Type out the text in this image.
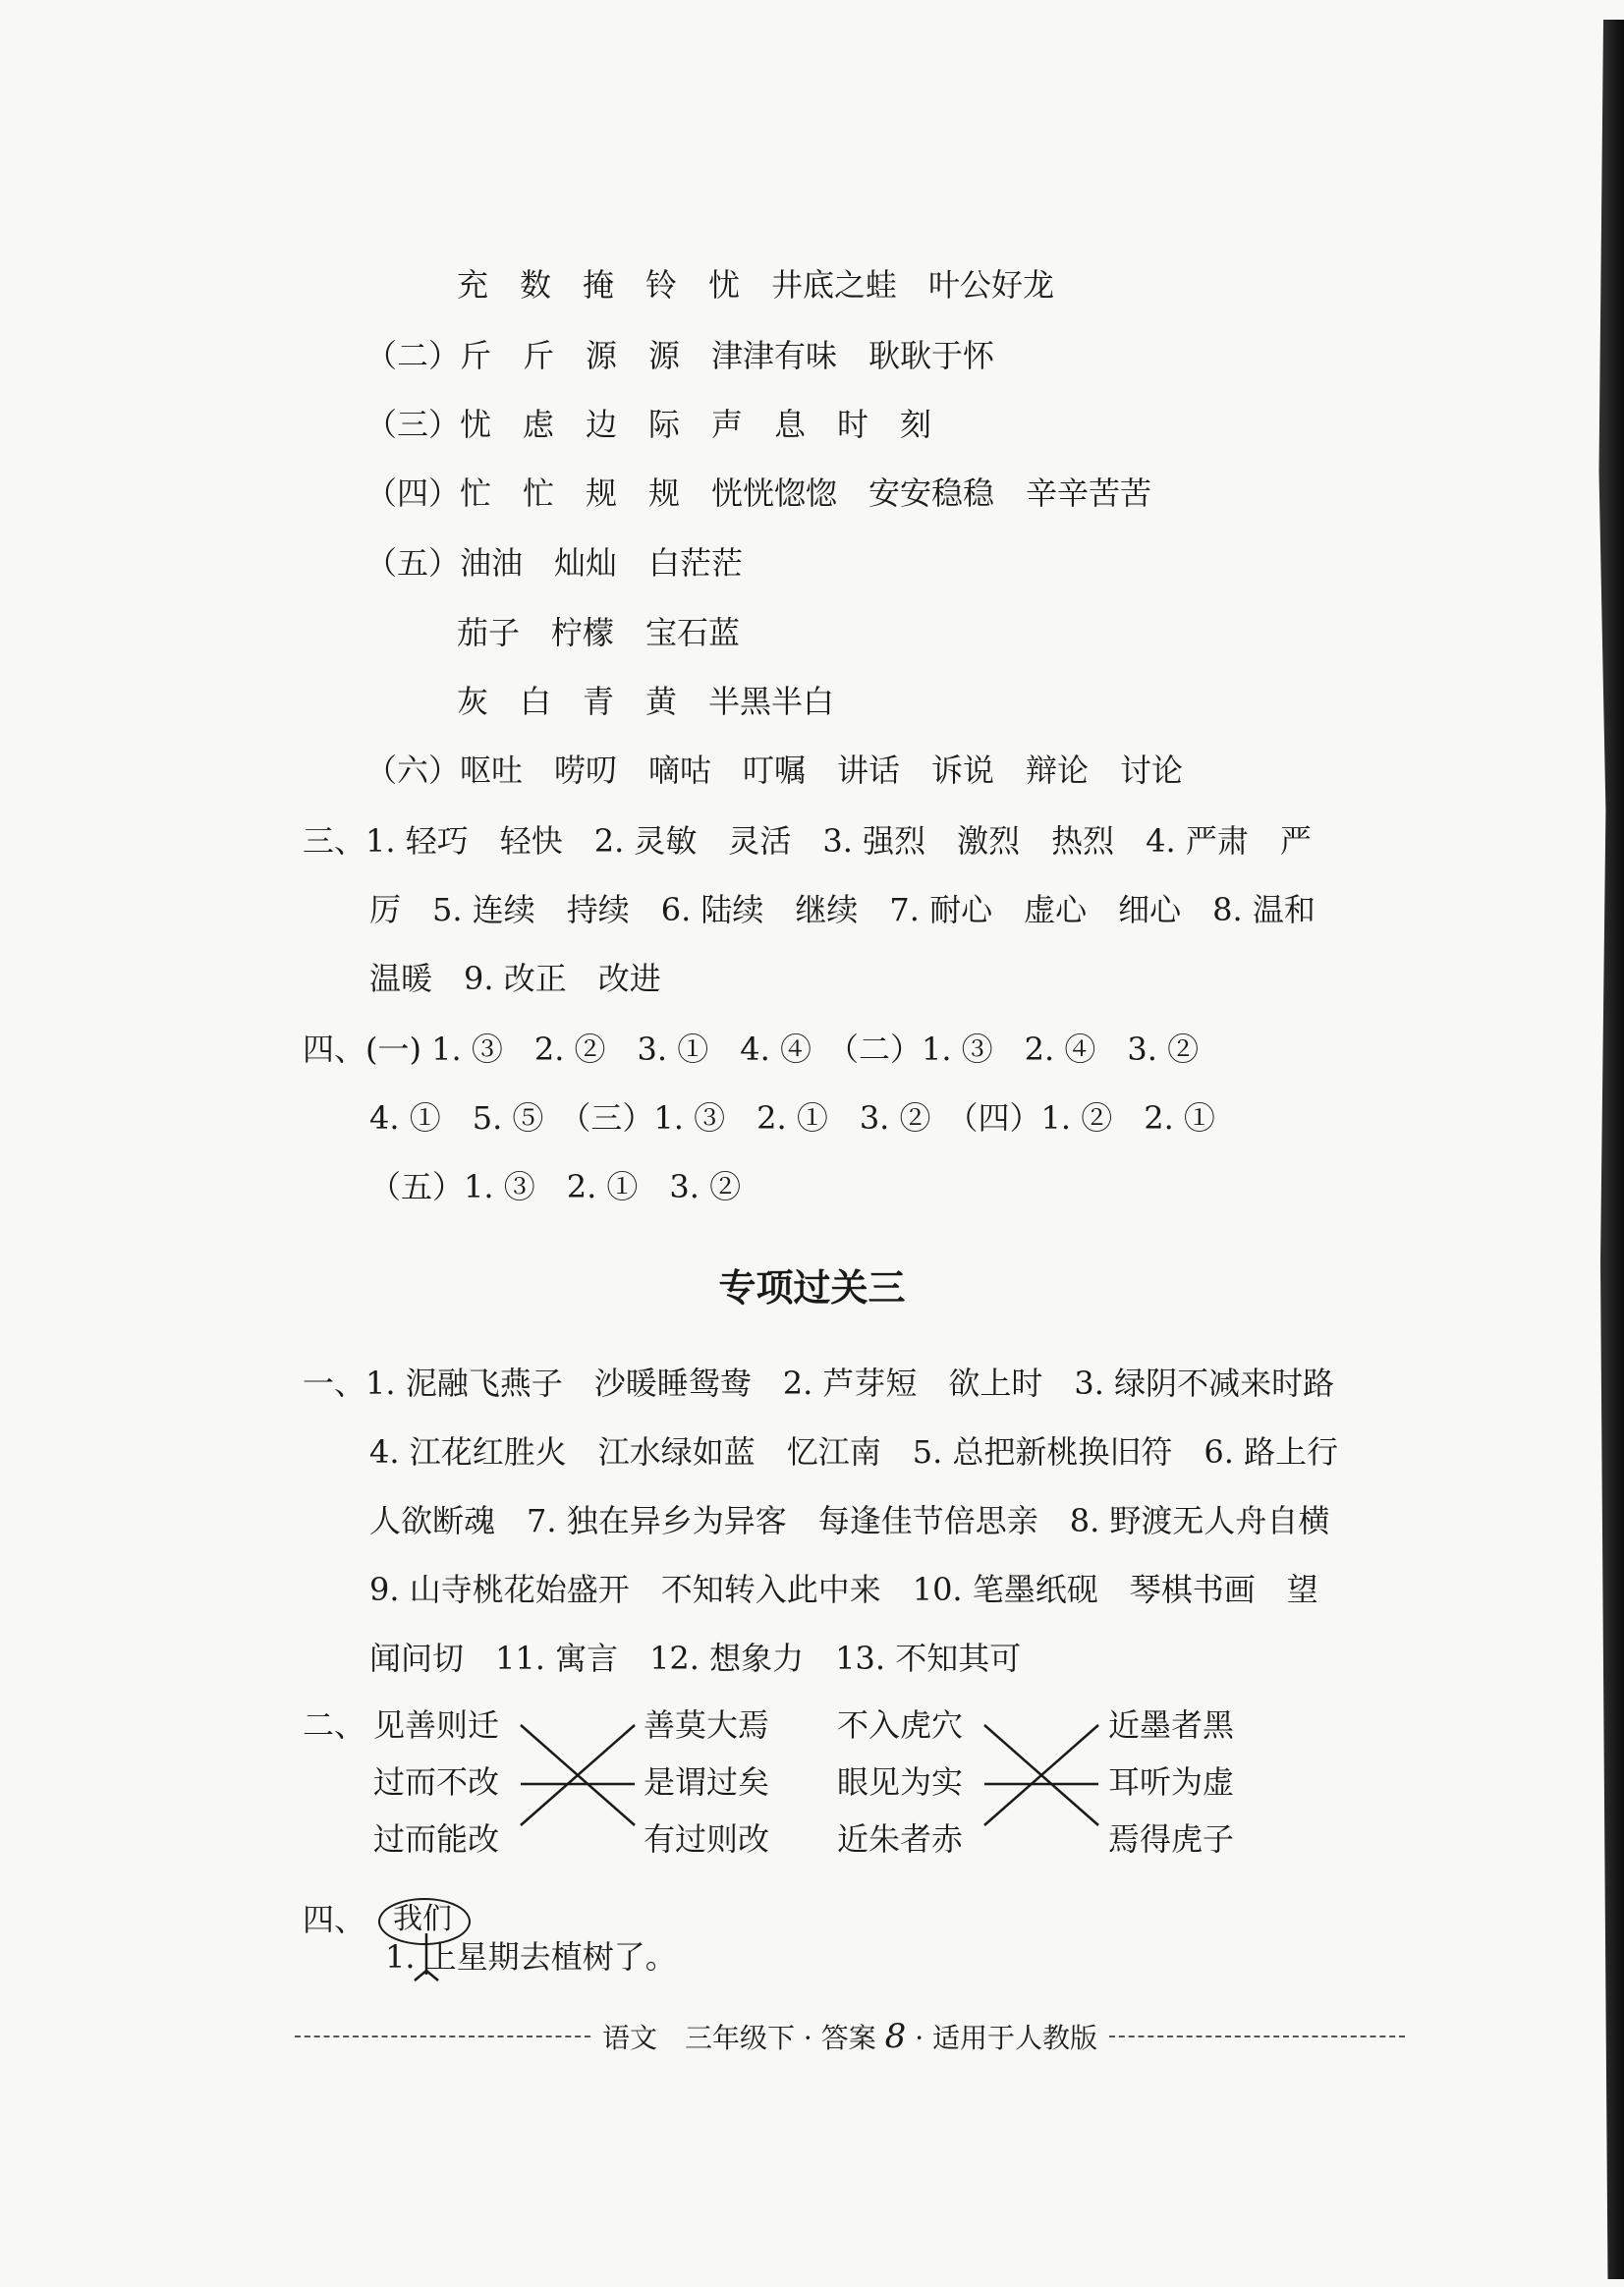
充　数　掩　铃　忧　井底之蛙　叶公好龙
（二）斤　斤　源　源　津津有味　耿耿于怀
（三）忧　虑　边　际　声　息　时　刻
（四）忙　忙　规　规　恍恍惚惚　安安稳稳　辛辛苦苦
（五）油油　灿灿　白茫茫
茄子　柠檬　宝石蓝
灰　白　青　黄　半黑半白
（六）呕吐　唠叨　嘀咕　叮嘱　讲话　诉说　辩论　讨论
三、1. 轻巧　轻快　2. 灵敏　灵活　3. 强烈　激烈　热烈　4. 严肃　严
厉　5. 连续　持续　6. 陆续　继续　7. 耐心　虚心　细心　8. 温和
温暖　9. 改正　改进
四、(一) 1. ③　2. ②　3. ①　4. ④　（二）1. ③　2. ④　3. ②
4. ①　5. ⑤　（三）1. ③　2. ①　3. ②　（四）1. ②　2. ①
（五）1. ③　2. ①　3. ②
专项过关三
一、1. 泥融飞燕子　沙暖睡鸳鸯　2. 芦芽短　欲上时　3. 绿阴不减来时路
4. 江花红胜火　江水绿如蓝　忆江南　5. 总把新桃换旧符　6. 路上行
人欲断魂　7. 独在异乡为异客　每逢佳节倍思亲　8. 野渡无人舟自横
9. 山寺桃花始盛开　不知转入此中来　10. 笔墨纸砚　琴棋书画　望
闻问切　11. 寓言　12. 想象力　13. 不知其可
二、 见善则迁
过而不改
过而能改
善莫大焉
是谓过矣
有过则改
不入虎穴
眼见为实
近朱者赤
近墨者黑
耳听为虚
焉得虎子
四、 我们
1. 上星期去植树了。
语文　 三年级下 · 答案 8 · 适用于人教版
